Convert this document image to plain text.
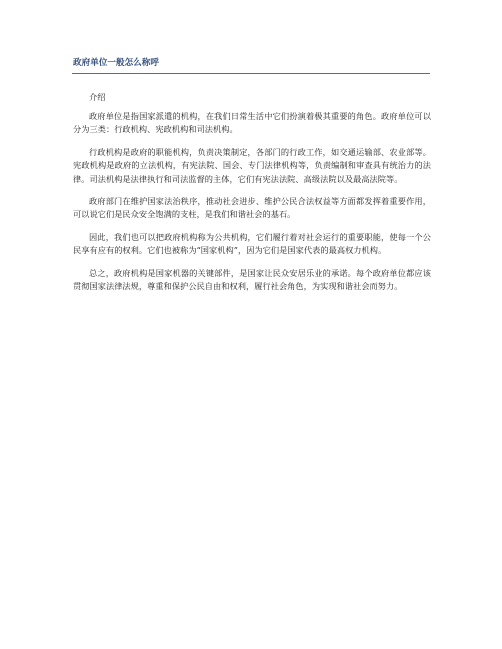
政府单位一般怎么称呼
介绍

政府单位是指国家派遣的机构，在我们日常生活中它们扮演着极其重要的角色。政府单位可以分为三类：行政机构、宪政机构和司法机构。

行政机构是政府的职能机构，负责决策制定，各部门的行政工作，如交通运输部、农业部等。宪政机构是政府的立法机构，有宪法院、国会、专门法律机构等，负责编制和审查具有统治力的法律。司法机构是法律执行和司法监督的主体，它们有宪法法院、高级法院以及最高法院等。

政府部门在维护国家法治秩序，推动社会进步、维护公民合法权益等方面都发挥着重要作用，可以说它们是民众安全饱满的支柱，是我们和谐社会的基石。

因此，我们也可以把政府机构称为公共机构，它们履行着对社会运行的重要职能，使每一个公民享有应有的权利。它们也被称为“国家机构”，因为它们是国家代表的最高权力机构。

总之，政府机构是国家机器的关键部件，是国家让民众安居乐业的承诺。每个政府单位都应该贯彻国家法律法规，尊重和保护公民自由和权利，履行社会角色，为实现和谐社会而努力。
